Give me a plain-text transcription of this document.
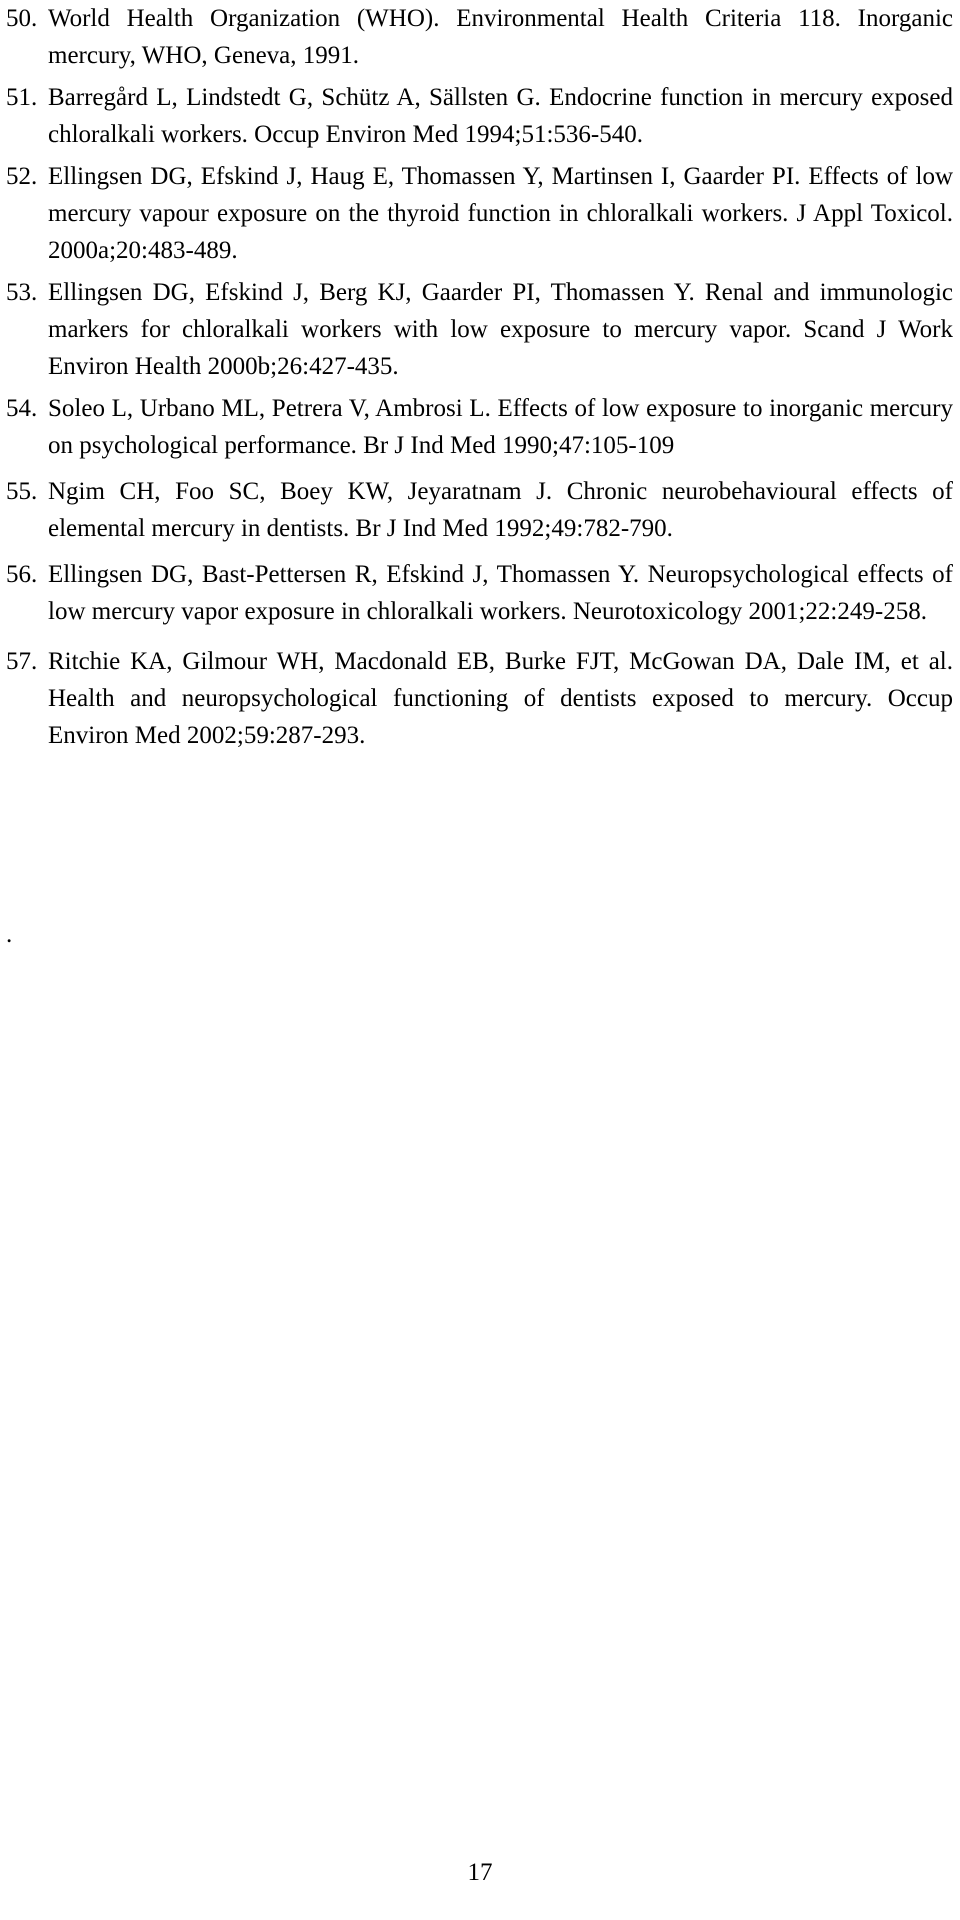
50. World Health Organization (WHO). Environmental Health Criteria 118. Inorganic mercury, WHO, Geneva, 1991.
51. Barregård L, Lindstedt G, Schütz A, Sällsten G. Endocrine function in mercury exposed chloralkali workers. Occup Environ Med 1994;51:536-540.
52. Ellingsen DG, Efskind J, Haug E, Thomassen Y, Martinsen I, Gaarder PI. Effects of low mercury vapour exposure on the thyroid function in chloralkali workers. J Appl Toxicol. 2000a;20:483-489.
53. Ellingsen DG, Efskind J, Berg KJ, Gaarder PI, Thomassen Y. Renal and immunologic markers for chloralkali workers with low exposure to mercury vapor. Scand J Work Environ Health 2000b;26:427-435.
54. Soleo L, Urbano ML, Petrera V, Ambrosi L. Effects of low exposure to inorganic mercury on psychological performance. Br J Ind Med 1990;47:105-109
55. Ngim CH, Foo SC, Boey KW, Jeyaratnam J. Chronic neurobehavioural effects of elemental mercury in dentists. Br J Ind Med 1992;49:782-790.
56. Ellingsen DG, Bast-Pettersen R, Efskind J, Thomassen Y. Neuropsychological effects of low mercury vapor exposure in chloralkali workers. Neurotoxicology 2001;22:249-258.
57. Ritchie KA, Gilmour WH, Macdonald EB, Burke FJT, McGowan DA, Dale IM, et al. Health and neuropsychological functioning of dentists exposed to mercury. Occup Environ Med 2002;59:287-293.
.
17
